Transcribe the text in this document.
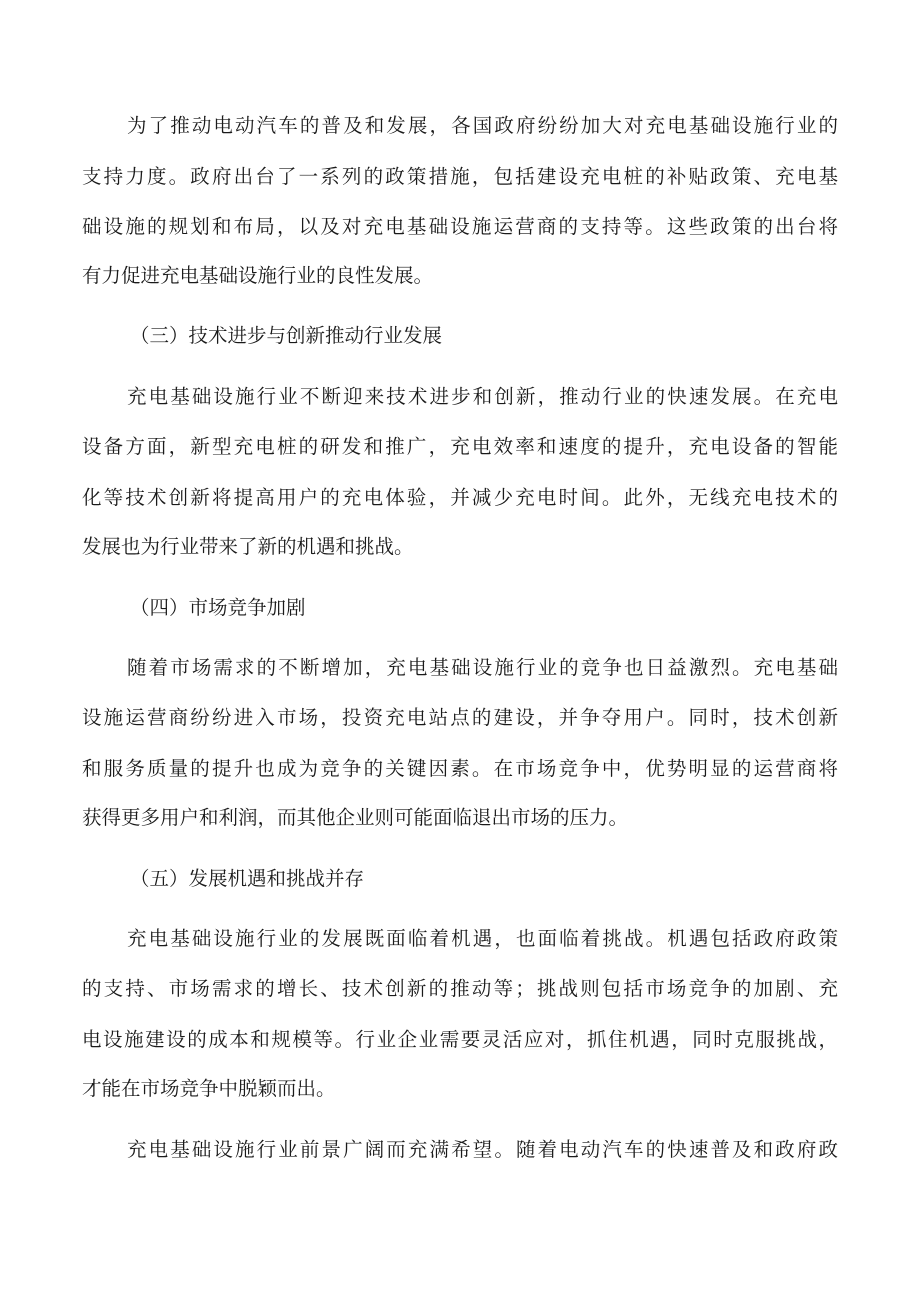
为了推动电动汽车的普及和发展，各国政府纷纷加大对充电基础设施行业的
支持力度。政府出台了一系列的政策措施，包括建设充电桩的补贴政策、充电基
础设施的规划和布局，以及对充电基础设施运营商的支持等。这些政策的出台将
有力促进充电基础设施行业的良性发展。
（三）技术进步与创新推动行业发展
充电基础设施行业不断迎来技术进步和创新，推动行业的快速发展。在充电
设备方面，新型充电桩的研发和推广，充电效率和速度的提升，充电设备的智能
化等技术创新将提高用户的充电体验，并减少充电时间。此外，无线充电技术的
发展也为行业带来了新的机遇和挑战。
（四）市场竞争加剧
随着市场需求的不断增加，充电基础设施行业的竞争也日益激烈。充电基础
设施运营商纷纷进入市场，投资充电站点的建设，并争夺用户。同时，技术创新
和服务质量的提升也成为竞争的关键因素。在市场竞争中，优势明显的运营商将
获得更多用户和利润，而其他企业则可能面临退出市场的压力。
（五）发展机遇和挑战并存
充电基础设施行业的发展既面临着机遇，也面临着挑战。机遇包括政府政策
的支持、市场需求的增长、技术创新的推动等；挑战则包括市场竞争的加剧、充
电设施建设的成本和规模等。行业企业需要灵活应对，抓住机遇，同时克服挑战，
才能在市场竞争中脱颖而出。
充电基础设施行业前景广阔而充满希望。随着电动汽车的快速普及和政府政
